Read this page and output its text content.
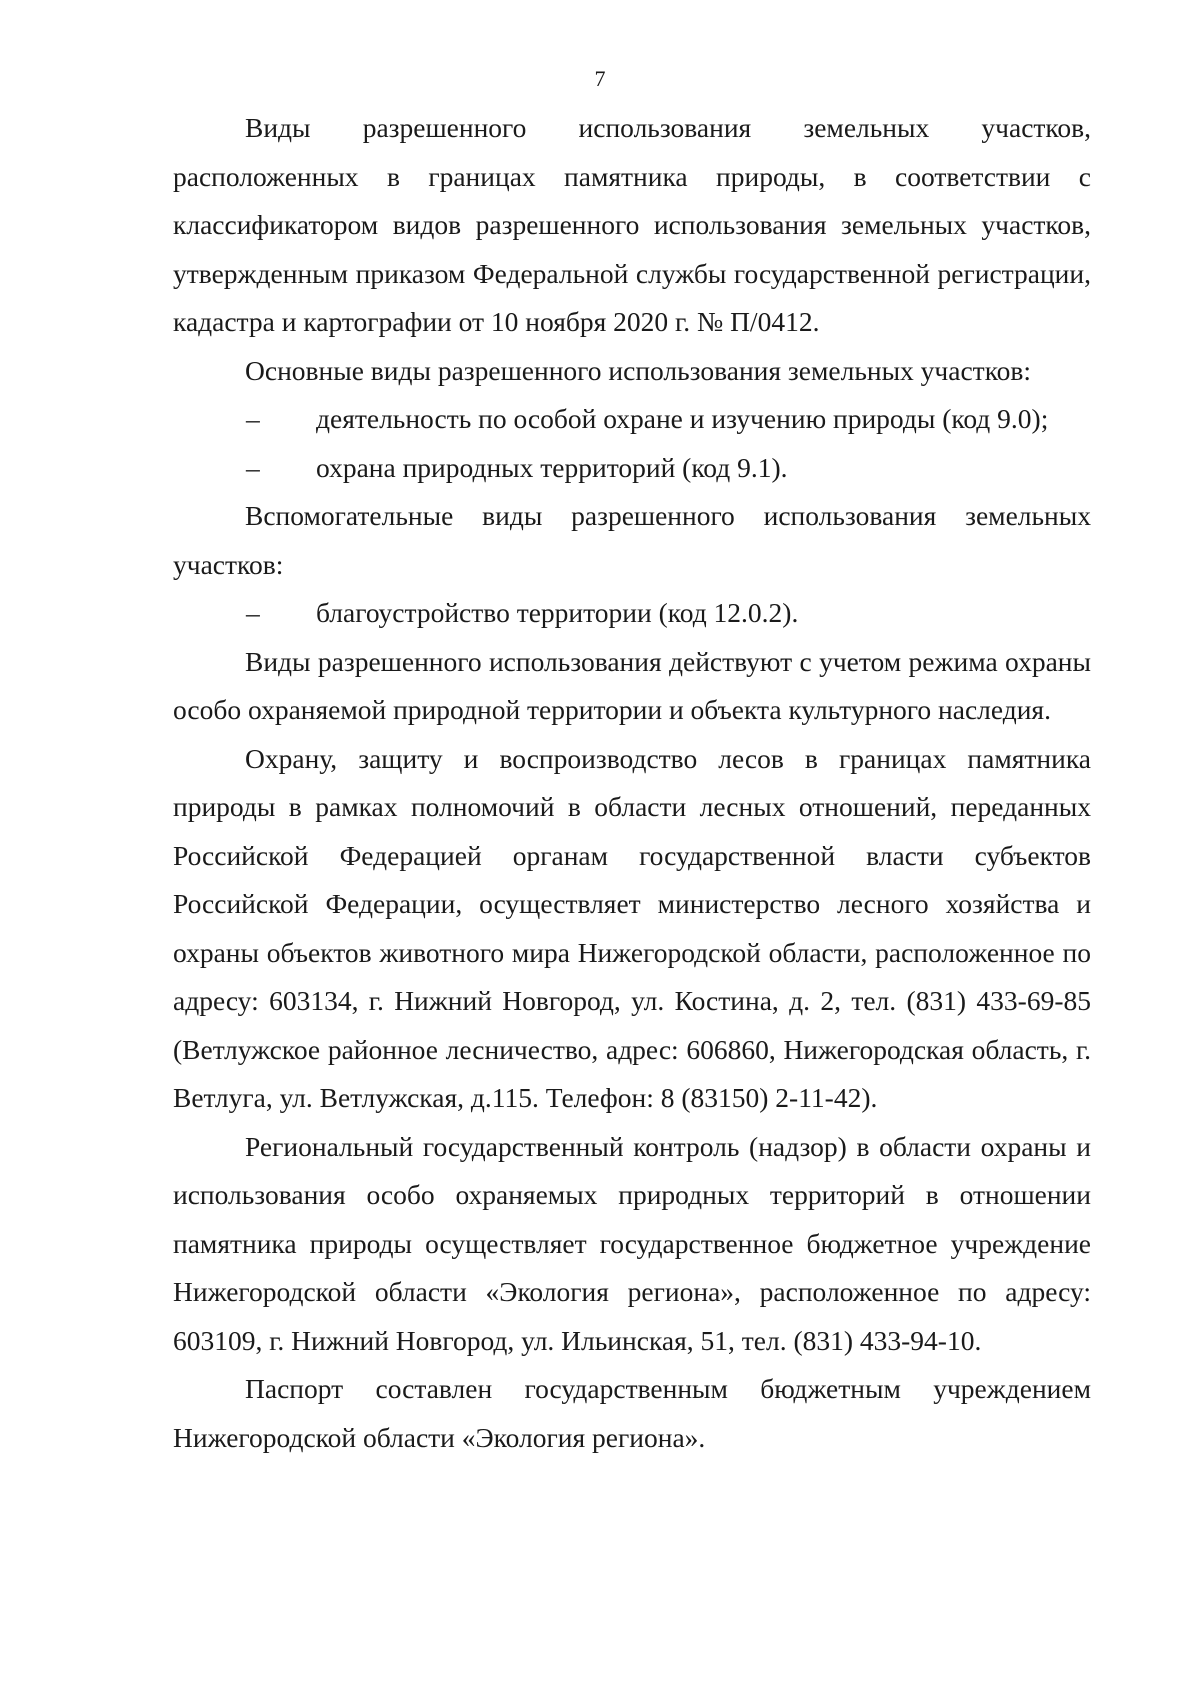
7

Виды разрешенного использования земельных участков, расположенных в границах памятника природы, в соответствии с классификатором видов разрешенного использования земельных участков, утвержденным приказом Федеральной службы государственной регистрации, кадастра и картографии от 10 ноября 2020 г. № П/0412.

Основные виды разрешенного использования земельных участков:

– деятельность по особой охране и изучению природы (код 9.0);

– охрана природных территорий (код 9.1).

Вспомогательные виды разрешенного использования земельных участков:

– благоустройство территории (код 12.0.2).

Виды разрешенного использования действуют с учетом режима охраны особо охраняемой природной территории и объекта культурного наследия.

Охрану, защиту и воспроизводство лесов в границах памятника природы в рамках полномочий в области лесных отношений, переданных Российской Федерацией органам государственной власти субъектов Российской Федерации, осуществляет министерство лесного хозяйства и охраны объектов животного мира Нижегородской области, расположенное по адресу: 603134, г. Нижний Новгород, ул. Костина, д. 2, тел. (831) 433-69-85 (Ветлужское районное лесничество, адрес: 606860, Нижегородская область, г. Ветлуга, ул. Ветлужская, д.115. Телефон: 8 (83150) 2-11-42).

Региональный государственный контроль (надзор) в области охраны и использования особо охраняемых природных территорий в отношении памятника природы осуществляет государственное бюджетное учреждение Нижегородской области «Экология региона», расположенное по адресу: 603109, г. Нижний Новгород, ул. Ильинская, 51, тел. (831) 433-94-10.

Паспорт составлен государственным бюджетным учреждением Нижегородской области «Экология региона».
